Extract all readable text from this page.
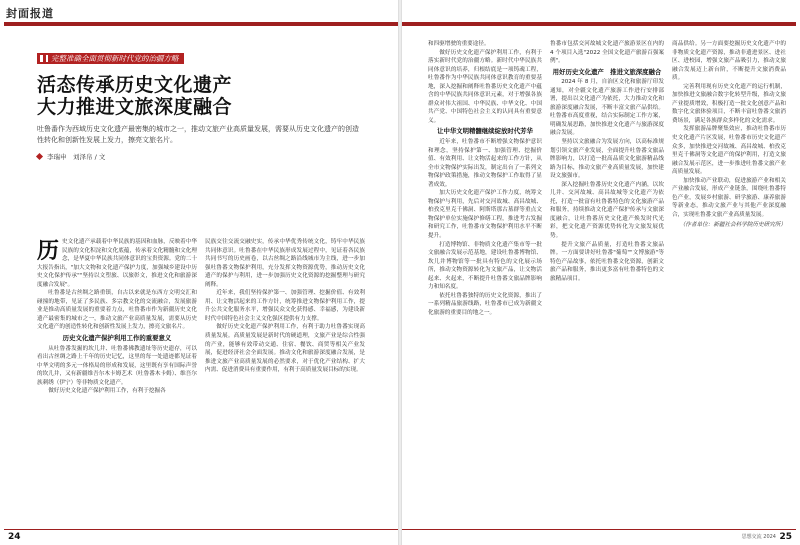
封面报道
完整准确全面贯彻新时代党的治疆方略
活态传承历史文化遗产
大力推进文旅深度融合

吐鲁番作为西域历史文化遗产最密集的城市之一，推动文旅产业高质量发展，需要从历史文化遗产的创造性转化和创新性发展上发力，擦亮文旅名片。

李瑞申　刘泽帛 / 文
历 史文化遗产承载着中华民族的基因和血脉，反映着中华民族的文化积淀和文化底蕴，传承着文化精髓和文化理念，是华夏中华民族共同体意识的宝贵资源。党的二十大报告指出，"加大文物和文化遗产保护力度，加强城乡建设中历史文化保护传承""坚持以文塑旅、以旅彰文，推进文化和旅游深度融合发展"。

吐鲁番是古丝绸之路重镇，自古以来就是东西方文明交汇和碰撞的地带，见证了多民族、多宗教文化的交流融合，发展旅游业是推动高质量发展的重要着力点，吐鲁番市作为新疆历史文化遗产最密集的城市之一，推动文旅产业高质量发展，需要从历史文化遗产的创造性转化和创新性发展上发力，擦亮文旅名片。

历史文化遗产保护利用工作的重要意义

从吐鲁番发掘的坎儿井、吐鲁番佛教遗址等历史遗存，可以看出古丝绸之路上千年的历史记忆，这里的每一处遗迹都见证着中华文明的多元一体格局的形成和发展，这里既有享有国际声誉的坎儿井，又有新疆维吾尔木卡姆艺术（吐鲁番木卡姆）、维吾尔族刺绣（伊宁）等非物质文化遗产。

做好历史文化遗产保护利用工作，有利于挖掘各

民族交往交流交融史实，传承中华优秀传统文化，铸牢中华民族共同体意识。吐鲁番在中华民族形成发展过程中，见证着各民族共同书写的历史画卷，以古丝绸之路沿线城市为主线，进一步加强吐鲁番文物保护利用，充分发挥文物资源优势，推动历史文化遗产的保护与利用，进一步加强历史文化资源的挖掘整理与研究阐释。

近年来，我们坚持保护第一、加强管理、挖掘价值、有效利用、让文物活起来的工作方针，统筹推进文物保护利用工作，提升公共文化服务水平，增强民众文化获得感、幸福感，为建设新时代中国特色社会主义文化强区提供有力支撑。

做好历史文化遗产保护利用工作，有利于助力吐鲁番实现高质量发展。高质量发展是新时代的硬道理，文旅产业是综合性强的产业，能够有效带动交通、住宿、餐饮、商贸等相关产业发展，促进经济社会全面发展。推动文化和旅游深度融合发展，是推进文旅产业高质量发展的必然要求，对于优化产业结构、扩大内需、促进消费具有重要作用，有利于高质量发展目标的实现。

24

和四驱增驶的重要途径。

做好历史文化遗产保护利用工作，有利于落实新时代党的治疆方略。新时代中华民族共同体意识的培养，归根结底是一项铸魂工程，吐鲁番作为中华民族共同体意识教育的重要基地，深入挖掘和阐释吐鲁番历史文化遗产中蕴含的中华民族共同体意识元素，对于增强各族群众对伟大祖国、中华民族、中华文化、中国共产党、中国特色社会主义的认同具有重要意义。

让中华文明精髓继续绽放时代芳华

近年来，吐鲁番市不断增强文物保护意识和理念，坚持保护第一、加强管理、挖掘价值、有效利用、让文物活起来的工作方针，从全市文物保护实际出发，制定出台了一系列文物保护政策措施，推动文物保护工作取得了显著成效。

加大历史文化遗产保护工作力度，统筹文物保护与利用，先后对交河故城、高昌故城、柏孜克里克千佛洞、阿斯塔那古墓群等重点文物保护单位实施保护修缮工程，推进考古发掘和研究工作，吐鲁番市文物保护利用水平不断提升。

打造博物馆、非物质文化遗产集市等一批文旅融合发展示范基地，建设吐鲁番博物馆、坎儿井博物馆等一批具有特色的文化展示场所，推动文物资源转化为文旅产品，让文物活起来、火起来，不断提升吐鲁番文旅品牌影响力和知名度。

依托吐鲁番独特的历史文化资源，推出了一系列精品旅游线路，吐鲁番市已成为新疆文化旅游的重要目的地之一。

鲁番市包括交河故城文化遗产旅游景区在内的 4 个项目入选"2022 全国文化遗产旅游百强案例"。

用好历史文化遗产　推进文旅深度融合

2024 年 8 月，自治区文化和旅游厅印发通知，对全疆文化遗产旅游工作进行安排部署，提出以文化遗产为依托，大力推动文化和旅游深度融合发展，不断丰富文旅产品供给。吐鲁番市高度重视，结合实际制定工作方案，明确发展思路，加快推进文化遗产与旅游深度融合发展。

坚持以文旅融合为发展方向，以高标准规划引领文旅产业发展，全面提升吐鲁番文旅品牌影响力，以打造一批高品质文化旅游精品线路为目标，推动文旅产业高质量发展，加快建设文旅强市。

深入挖掘吐鲁番历史文化遗产内涵，以坎儿井、交河故城、高昌故城等文化遗产为依托，打造一批富有吐鲁番特色的文化旅游产品和服务，持续推动文化遗产保护传承与文旅深度融合，让吐鲁番历史文化遗产焕发时代光彩，把文化遗产资源优势转化为文旅发展优势。

提升文旅产品质量，打造吐鲁番文旅品牌。一方面要讲好吐鲁番"葡萄""文博旅游"等特色产品故事，依托吐鲁番文化资源，创新文旅产品和服务，推出更多富有吐鲁番特色的文旅精品项目。

商品供给。另一方面要挖掘历史文化遗产中的非物质文化遗产资源，推动非遗进景区、进社区、进校园，增强文旅产品吸引力，推动文旅融合发展迈上新台阶，不断提升文旅消费品质。

完善利用现有历史文化遗产的运行机制，加快推进文旅融合数字化转型升级，推动文旅产业提质增效，积极打造一批文化创意产品和数字化文旅体验项目，不断丰富吐鲁番文旅消费场景，满足各族群众多样化的文化需求。

发挥旅游品牌聚集效应，推动吐鲁番市历史文化遗产片区发展，吐鲁番市历史文化遗产众多，加快推进交河故城、高昌故城、柏孜克里克千佛洞等文化遗产的保护利用，打造文旅融合发展示范区，进一步推进吐鲁番文旅产业高质量发展。

加快推动产业联动，促进旅游产业和相关产业融合发展，形成产业链条，围绕吐鲁番特色产业，发展乡村旅游、研学旅游、康养旅游等新业态，推动文旅产业与其他产业深度融合，实现吐鲁番文旅产业高质量发展。

（作者单位：新疆社会科学院历史研究所）

思想交流 2024 25
